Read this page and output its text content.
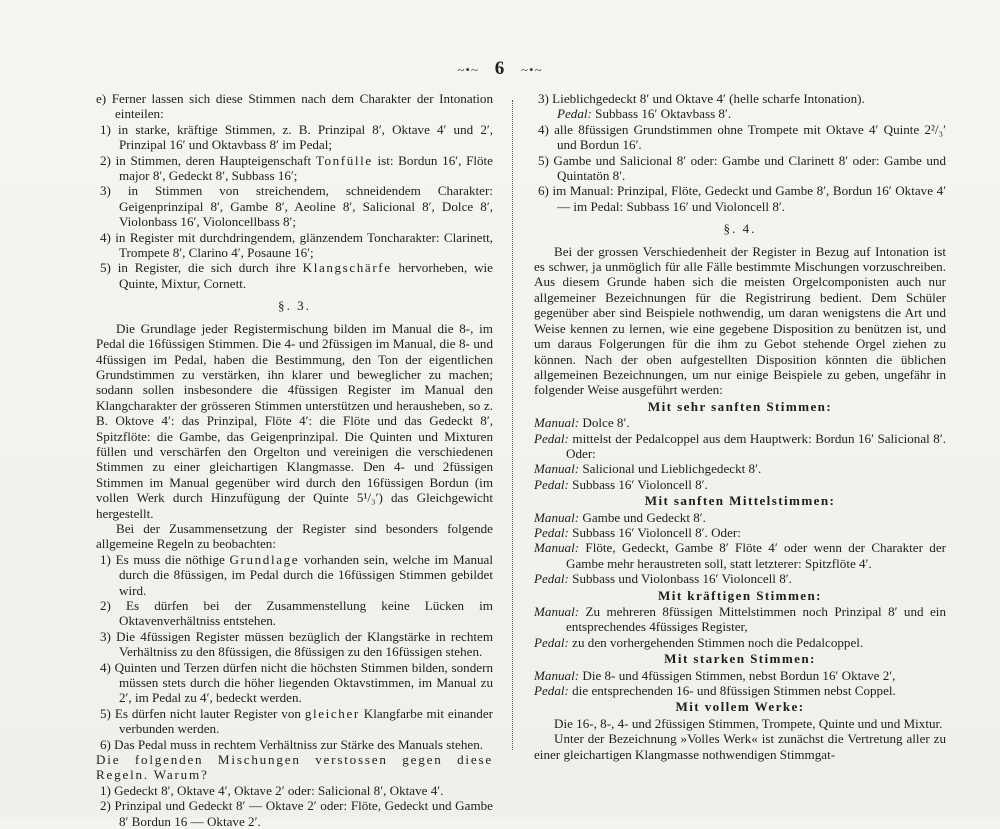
~•~ 6 ~•~

e) Ferner lassen sich diese Stimmen nach dem Charakter der Intonation einteilen:

1) in starke, kräftige Stimmen, z. B. Prinzipal 8′, Oktave 4′ und 2′, Prinzipal 16′ und Oktavbass 8′ im Pedal;

2) in Stimmen, deren Haupteigenschaft Tonfülle ist: Bordun 16′, Flöte major 8′, Gedeckt 8′, Subbass 16′;

3) in Stimmen von streichendem, schneidendem Charakter: Geigenprinzipal 8′, Gambe 8′, Aeoline 8′, Salicional 8′, Dolce 8′, Violonbass 16′, Violoncellbass 8′;

4) in Register mit durchdringendem, glänzendem Toncharakter: Clarinett, Trompete 8′, Clarino 4′, Posaune 16′;

5) in Register, die sich durch ihre Klangschärfe hervorheben, wie Quinte, Mixtur, Cornett.

§. 3.

Die Grundlage jeder Registermischung bilden im Manual die 8-, im Pedal die 16füssigen Stimmen. Die 4- und 2füssigen im Manual, die 8- und 4füssigen im Pedal, haben die Bestimmung, den Ton der eigentlichen Grundstimmen zu verstärken, ihn klarer und beweglicher zu machen; sodann sollen insbesondere die 4füssigen Register im Manual den Klangcharakter der grösseren Stimmen unterstützen und herausheben, so z. B. Oktove 4′: das Prinzipal, Flöte 4′: die Flöte und das Gedeckt 8′, Spitzflöte: die Gambe, das Geigenprinzipal. Die Quinten und Mixturen füllen und verschärfen den Orgelton und vereinigen die verschiedenen Stimmen zu einer gleichartigen Klangmasse. Den 4- und 2füssigen Stimmen im Manual gegenüber wird durch den 16füssigen Bordun (im vollen Werk durch Hinzufügung der Quinte 5¹/₃′) das Gleichgewicht hergestellt.

Bei der Zusammensetzung der Register sind besonders folgende allgemeine Regeln zu beobachten:

1) Es muss die nöthige Grundlage vorhanden sein, welche im Manual durch die 8füssigen, im Pedal durch die 16füssigen Stimmen gebildet wird.

2) Es dürfen bei der Zusammenstellung keine Lücken im Oktavenverhältniss entstehen.

3) Die 4füssigen Register müssen bezüglich der Klangstärke in rechtem Verhältniss zu den 8füssigen, die 8füssigen zu den 16füssigen stehen.

4) Quinten und Terzen dürfen nicht die höchsten Stimmen bilden, sondern müssen stets durch die höher liegenden Oktavstimmen, im Manual zu 2′, im Pedal zu 4′, bedeckt werden.

5) Es dürfen nicht lauter Register von gleicher Klangfarbe mit einander verbunden werden.

6) Das Pedal muss in rechtem Verhältniss zur Stärke des Manuals stehen.

Die folgenden Mischungen verstossen gegen diese Regeln. Warum?

1) Gedeckt 8′, Oktave 4′, Oktave 2′ oder: Salicional 8′, Oktave 4′.

2) Prinzipal und Gedeckt 8′ — Oktave 2′ oder: Flöte, Gedeckt und Gambe 8′ Bordun 16 — Oktave 2′.

3) Lieblichgedeckt 8′ und Oktave 4′ (helle scharfe Intonation).
Pedal: Subbass 16′ Oktavbass 8′.

4) alle 8füssigen Grundstimmen ohne Trompete mit Oktave 4′ Quinte 2²/₃′ und Bordun 16′.

5) Gambe und Salicional 8′ oder: Gambe und Clarinett 8′ oder: Gambe und Quintatön 8′.

6) im Manual: Prinzipal, Flöte, Gedeckt und Gambe 8′, Bordun 16′ Oktave 4′ — im Pedal: Subbass 16′ und Violoncell 8′.

§. 4.

Bei der grossen Verschiedenheit der Register in Bezug auf Intonation ist es schwer, ja unmöglich für alle Fälle bestimmte Mischungen vorzuschreiben. Aus diesem Grunde haben sich die meisten Orgelcomponisten auch nur allgemeiner Bezeichnungen für die Registrirung bedient. Dem Schüler gegenüber aber sind Beispiele nothwendig, um daran wenigstens die Art und Weise kennen zu lernen, wie eine gegebene Disposition zu benützen ist, und um daraus Folgerungen für die ihm zu Gebot stehende Orgel ziehen zu können. Nach der oben aufgestellten Disposition könnten die üblichen allgemeinen Bezeichnungen, um nur einige Beispiele zu geben, ungefähr in folgender Weise ausgeführt werden:

Mit sehr sanften Stimmen:

Manual: Dolce 8′.

Pedal: mittelst der Pedalcoppel aus dem Hauptwerk: Bordun 16′ Salicional 8′. Oder:

Manual: Salicional und Lieblichgedeckt 8′.

Pedal: Subbass 16′ Violoncell 8′.

Mit sanften Mittelstimmen:

Manual: Gambe und Gedeckt 8′.

Pedal: Subbass 16′ Violoncell 8′. Oder:

Manual: Flöte, Gedeckt, Gambe 8′ Flöte 4′ oder wenn der Charakter der Gambe mehr heraustreten soll, statt letzterer: Spitzflöte 4′.

Pedal: Subbass und Violonbass 16′ Violoncell 8′.

Mit kräftigen Stimmen:

Manual: Zu mehreren 8füssigen Mittelstimmen noch Prinzipal 8′ und ein entsprechendes 4füssiges Register,

Pedal: zu den vorhergehenden Stimmen noch die Pedalcoppel.

Mit starken Stimmen:

Manual: Die 8- und 4füssigen Stimmen, nebst Bordun 16′ Oktave 2′,

Pedal: die entsprechenden 16- und 8füssigen Stimmen nebst Coppel.

Mit vollem Werke:

Die 16-, 8-, 4- und 2füssigen Stimmen, Trompete, Quinte und und Mixtur.

Unter der Bezeichnung »Volles Werk« ist zunächst die Vertretung aller zu einer gleichartigen Klangmasse nothwendigen Stimmgat-
